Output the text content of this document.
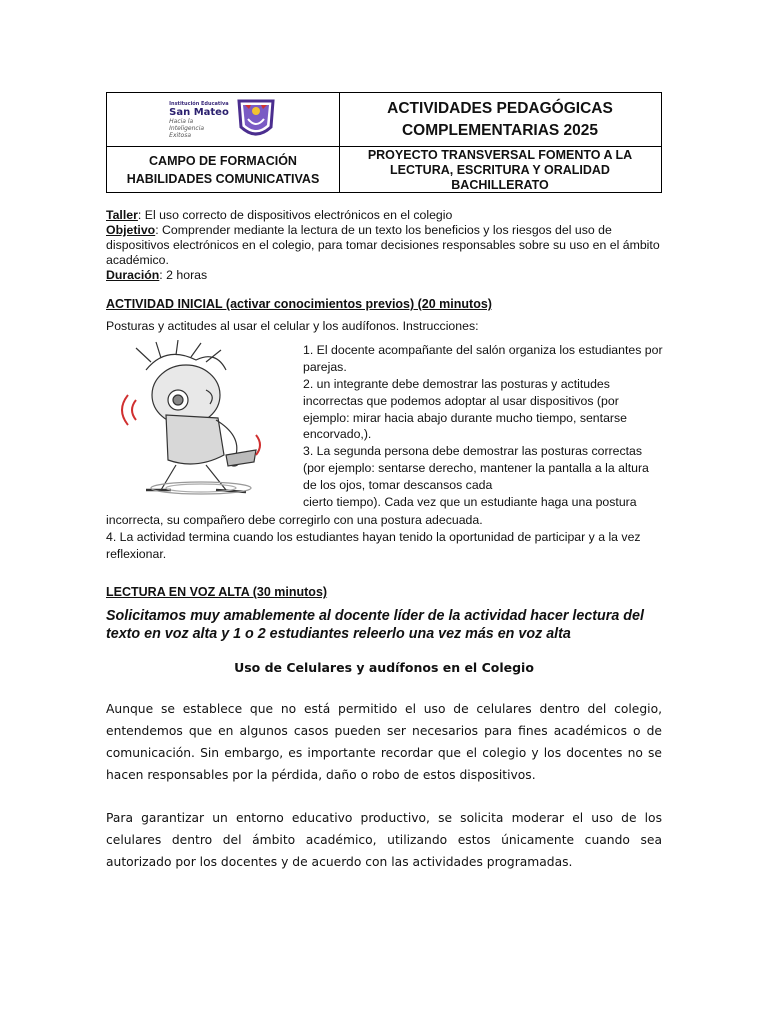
Institución Educativa
San Mateo
Hacia la
Inteligencia
Exitosa
ACTIVIDADES PEDAGÓGICAS
COMPLEMENTARIAS 2025
CAMPO DE FORMACIÓN
HABILIDADES COMUNICATIVAS
PROYECTO TRANSVERSAL FOMENTO A LA
LECTURA, ESCRITURA Y ORALIDAD
BACHILLERATO
Taller: El uso correcto de dispositivos electrónicos en el colegio
Objetivo: Comprender mediante la lectura de un texto los beneficios y los riesgos del uso de dispositivos electrónicos en el colegio, para tomar decisiones responsables sobre su uso en el ámbito académico.
Duración: 2 horas
ACTIVIDAD INICIAL (activar conocimientos previos) (20 minutos)
Posturas y actitudes al usar el celular y los audífonos. Instrucciones:
1. El docente acompañante del salón organiza los estudiantes por parejas.
2. un integrante debe demostrar las posturas y actitudes incorrectas que podemos adoptar al usar dispositivos (por ejemplo: mirar hacia abajo durante mucho tiempo, sentarse encorvado,).
3. La segunda persona debe demostrar las posturas correctas (por ejemplo: sentarse derecho, mantener la pantalla a la altura de los ojos, tomar descansos cada
cierto tiempo). Cada vez que un estudiante haga una postura
incorrecta, su compañero debe corregirlo con una postura adecuada.
4. La actividad termina cuando los estudiantes hayan tenido la oportunidad de participar y a la vez reflexionar.
LECTURA EN VOZ ALTA (30 minutos)
Solicitamos muy amablemente al docente líder de la actividad hacer lectura del texto en voz alta y 1 o 2 estudiantes releerlo una vez más en voz alta
Uso de Celulares y audífonos en el Colegio
Aunque se establece que no está permitido el uso de celulares dentro del colegio, entendemos que en algunos casos pueden ser necesarios para fines académicos o de comunicación. Sin embargo, es importante recordar que el colegio y los docentes no se hacen responsables por la pérdida, daño o robo de estos dispositivos.
Para garantizar un entorno educativo productivo, se solicita moderar el uso de los celulares dentro del ámbito académico, utilizando estos únicamente cuando sea autorizado por los docentes y de acuerdo con las actividades programadas.
